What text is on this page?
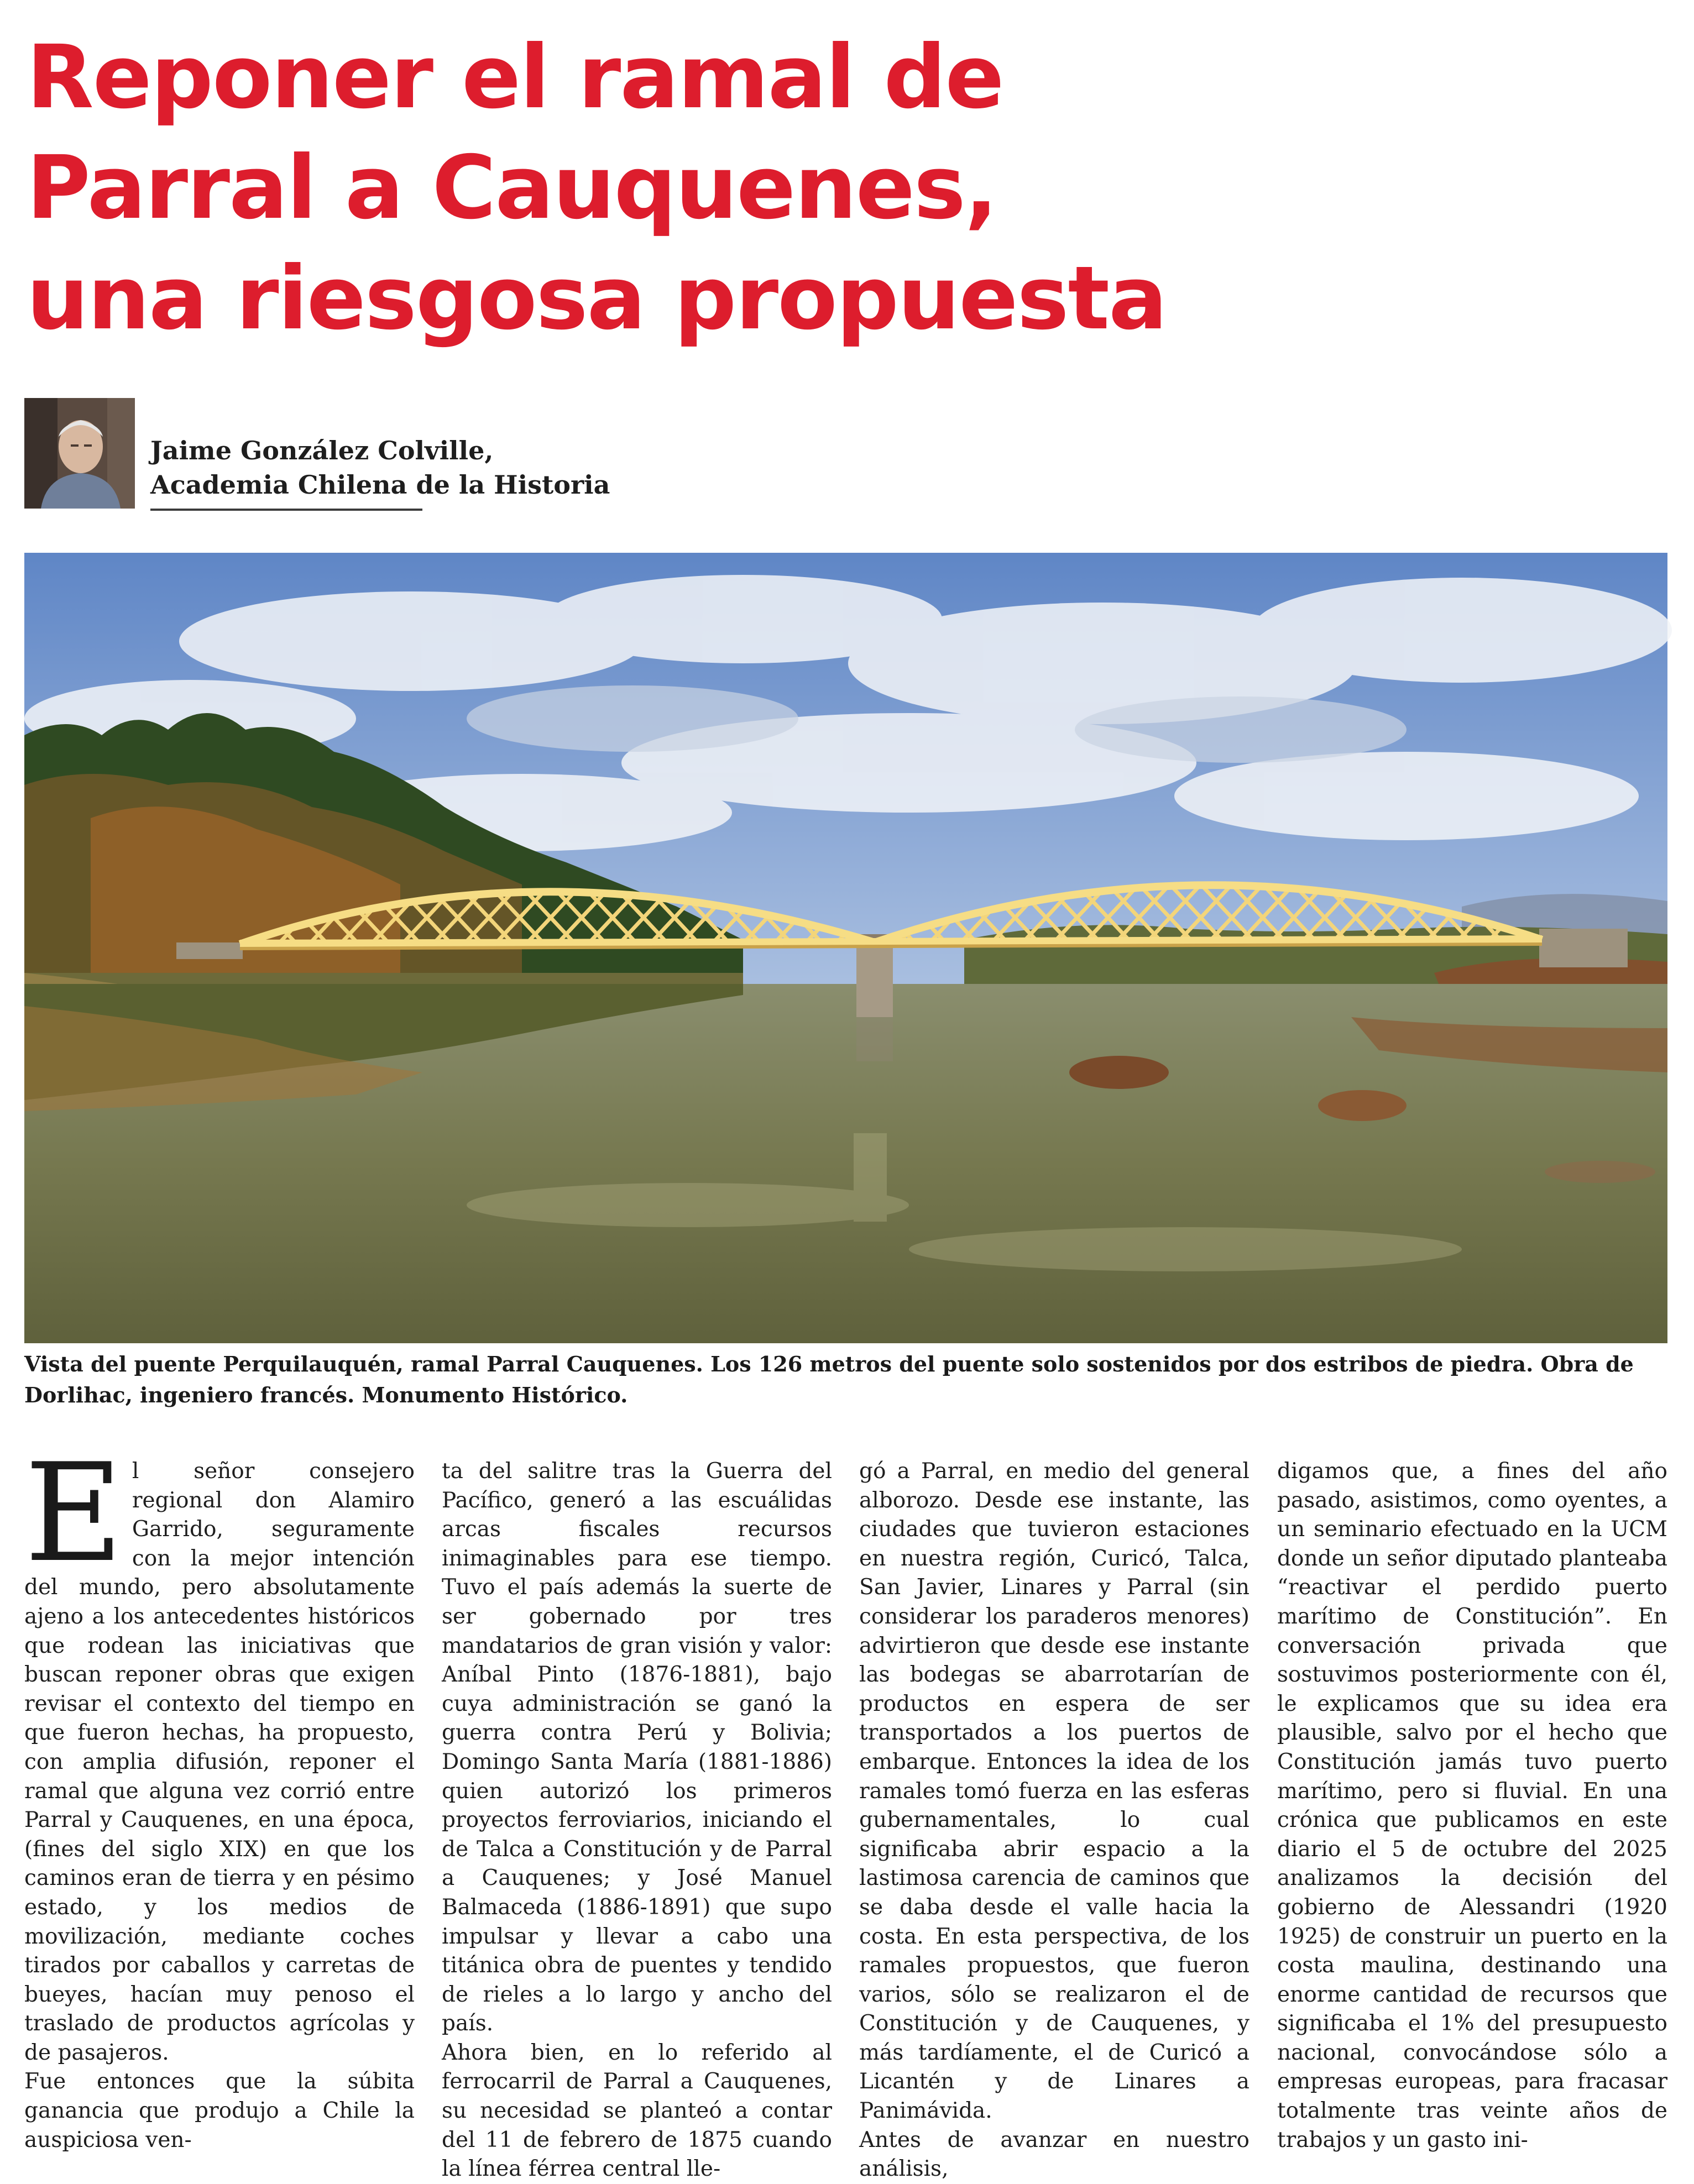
Reponer el ramal de
Parral a Cauquenes,
una riesgosa propuesta
Jaime González Colville,
Academia Chilena de la Historia

Vista del puente Perquilauquén, ramal Parral Cauquenes. Los 126 metros del puente solo sostenidos por dos estribos de piedra. Obra de Dorlihac, ingeniero francés. Monumento Histórico.

El señor consejero regional don Alamiro Garrido, seguramente con la mejor intención del mundo, pero absolutamente ajeno a los antecedentes históricos que rodean las iniciativas que buscan reponer obras que exigen revisar el contexto del tiempo en que fueron hechas, ha propuesto, con amplia difusión, reponer el ramal que alguna vez corrió entre Parral y Cauquenes, en una época, (fines del siglo XIX) en que los caminos eran de tierra y en pésimo estado, y los medios de movilización, mediante coches tirados por caballos y carretas de bueyes, hacían muy penoso el traslado de productos agrícolas y de pasajeros.

Fue entonces que la súbita ganancia que produjo a Chile la auspiciosa ven-

ta del salitre tras la Guerra del Pacífico, generó a las escuálidas arcas fiscales recursos inimaginables para ese tiempo. Tuvo el país además la suerte de ser gobernado por tres mandatarios de gran visión y valor: Aníbal Pinto (1876-1881), bajo cuya administración se ganó la guerra contra Perú y Bolivia; Domingo Santa María (1881-1886) quien autorizó los primeros proyectos ferroviarios, iniciando el de Talca a Constitución y de Parral a Cauquenes; y José Manuel Balmaceda (1886-1891) que supo impulsar y llevar a cabo una titánica obra de puentes y tendido de rieles a lo largo y ancho del país.

Ahora bien, en lo referido al ferrocarril de Parral a Cauquenes, su necesidad se planteó a contar del 11 de febrero de 1875 cuando la línea férrea central lle-

gó a Parral, en medio del general alborozo. Desde ese instante, las ciudades que tuvieron estaciones en nuestra región, Curicó, Talca, San Javier, Linares y Parral (sin considerar los paraderos menores) advirtieron que desde ese instante las bodegas se abarrotarían de productos en espera de ser transportados a los puertos de embarque. Entonces la idea de los ramales tomó fuerza en las esferas gubernamentales, lo cual significaba abrir espacio a la lastimosa carencia de caminos que se daba desde el valle hacia la costa. En esta perspectiva, de los ramales propuestos, que fueron varios, sólo se realizaron el de Constitución y de Cauquenes, y más tardíamente, el de Curicó a Licantén y de Linares a Panimávida.

Antes de avanzar en nuestro análisis,

digamos que, a fines del año pasado, asistimos, como oyentes, a un seminario efectuado en la UCM donde un señor diputado planteaba “reactivar el perdido puerto marítimo de Constitución”. En conversación privada que sostuvimos posteriormente con él, le explicamos que su idea era plausible, salvo por el hecho que Constitución jamás tuvo puerto marítimo, pero si fluvial. En una crónica que publicamos en este diario el 5 de octubre del 2025 analizamos la decisión del gobierno de Alessandri (1920 1925) de construir un puerto en la costa maulina, destinando una enorme cantidad de recursos que significaba el 1% del presupuesto nacional, convocándose sólo a empresas europeas, para fracasar totalmente tras veinte años de trabajos y un gasto ini-
